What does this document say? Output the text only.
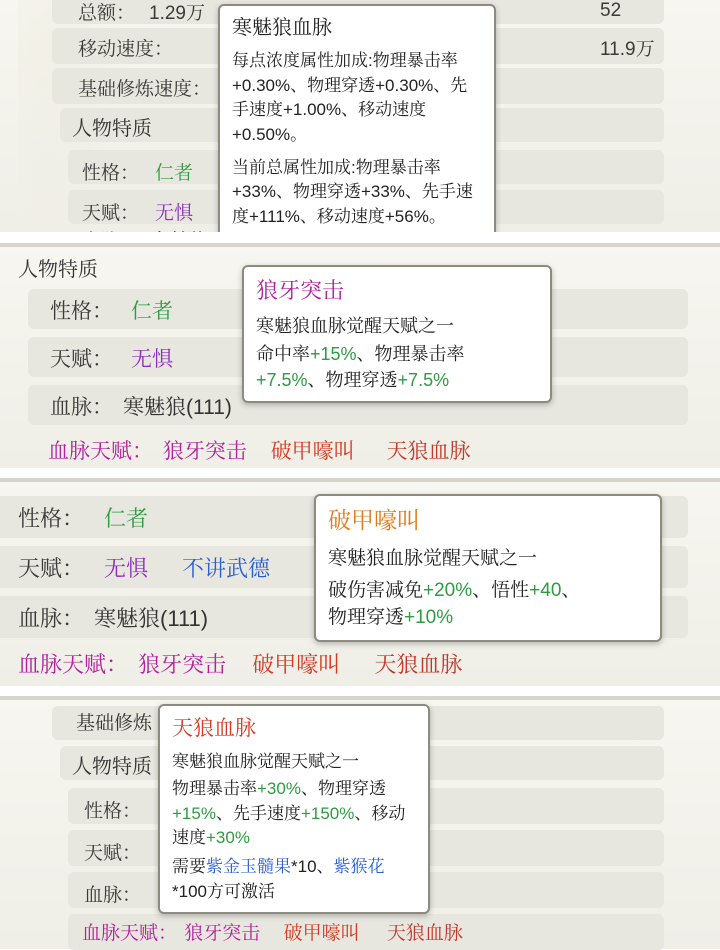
总额： 1.29万	52
移动速度：	11.9万
基础修炼速度：
人物特质
性格： 仁者
天赋： 无惧
寒魅狼血脉

每点浓度属性加成:物理暴击率+0.30%、物理穿透+0.30%、先手速度+1.00%、移动速度+0.50%。

当前总属性加成:物理暴击率+33%、物理穿透+33%、先手速度+111%、移动速度+56%。

人物特质
性格： 仁者
天赋： 无惧
血脉： 寒魅狼(111)
血脉天赋： 狼牙突击 破甲嚎叫 天狼血脉
狼牙突击
寒魅狼血脉觉醒天赋之一
命中率+15%、物理暴击率
+7.5%、物理穿透+7.5%
性格： 仁者
天赋： 无惧 不讲武德
血脉： 寒魅狼(111)
血脉天赋： 狼牙突击 破甲嚎叫 天狼血脉
破甲嚎叫
寒魅狼血脉觉醒天赋之一
破伤害减免+20%、悟性+40、
物理穿透+10%
基础修炼
人物特质
性格：
天赋：
血脉：
血脉天赋： 狼牙突击 破甲嚎叫 天狼血脉
天狼血脉
寒魅狼血脉觉醒天赋之一
物理暴击率+30%、物理穿透
+15%、先手速度+150%、移动
速度+30%
需要紫金玉髓果*10、紫猴花
*100方可激活
